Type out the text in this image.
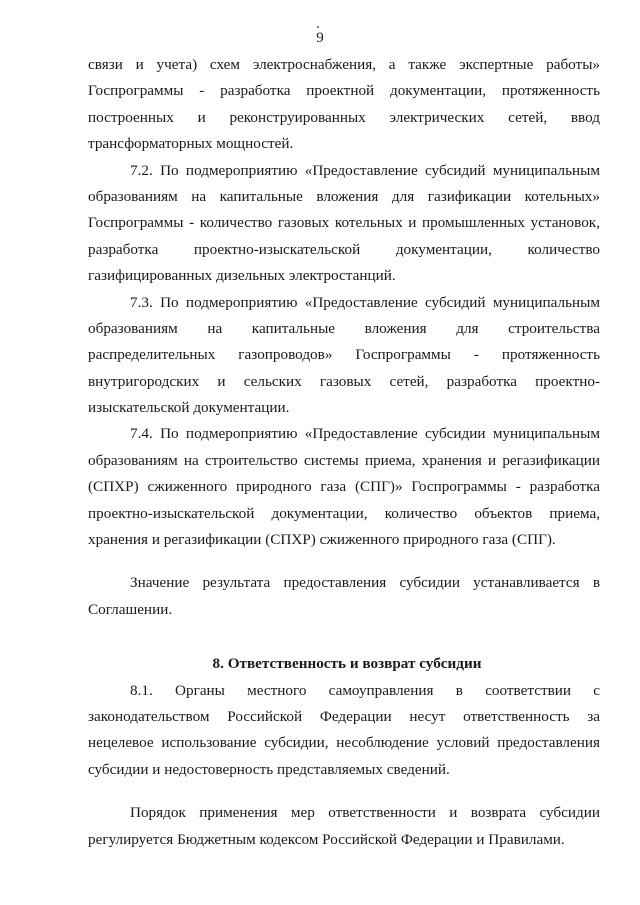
9
связи и учета) схем электроснабжения, а также экспертные работы»
Госпрограммы - разработка проектной документации, протяженность
построенных и реконструированных электрических сетей, ввод
трансформаторных мощностей.
7.2. По подмероприятию «Предоставление субсидий муниципальным
образованиям на капитальные вложения для газификации котельных»
Госпрограммы - количество газовых котельных и промышленных установок,
разработка проектно-изыскательской документации, количество
газифицированных дизельных электростанций.
7.3. По подмероприятию «Предоставление субсидий муниципальным
образованиям на капитальные вложения для строительства
распределительных газопроводов» Госпрограммы - протяженность
внутригородских и сельских газовых сетей, разработка проектно-
изыскательской документации.
7.4. По подмероприятию «Предоставление субсидии муниципальным
образованиям на строительство системы приема, хранения и регазификации
(СПХР) сжиженного природного газа (СПГ)» Госпрограммы - разработка
проектно-изыскательской документации, количество объектов приема,
хранения и регазификации (СПХР) сжиженного природного газа (СПГ).
Значение результата предоставления субсидии устанавливается в
Соглашении.
8. Ответственность и возврат субсидии
8.1. Органы местного самоуправления в соответствии с
законодательством Российской Федерации несут ответственность за
нецелевое использование субсидии, несоблюдение условий предоставления
субсидии и недостоверность представляемых сведений.
Порядок применения мер ответственности и возврата субсидии
регулируется Бюджетным кодексом Российской Федерации и Правилами.
